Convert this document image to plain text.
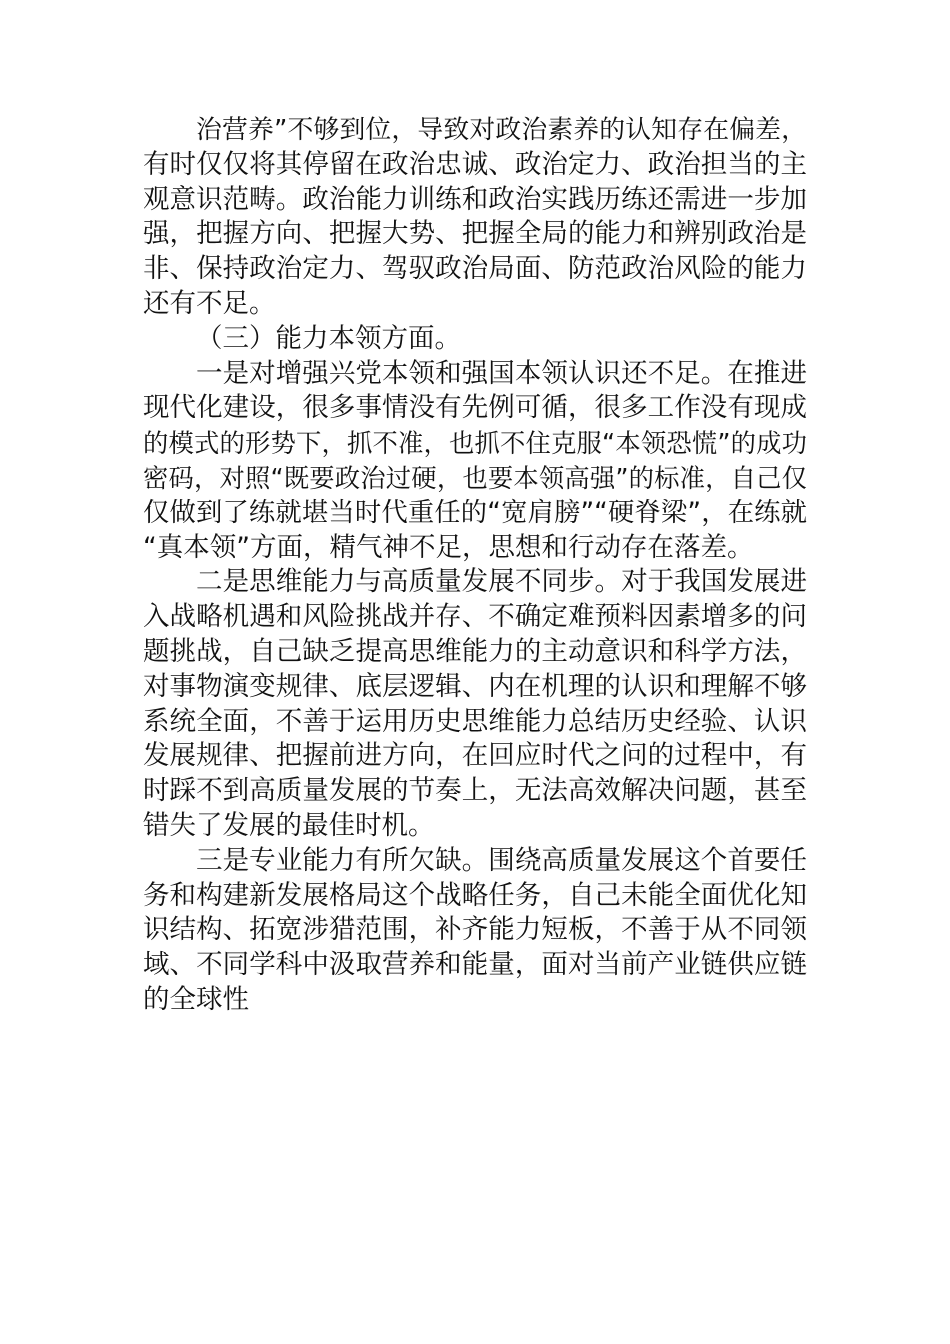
治营养”不够到位，导致对政治素养的认知存在偏差，
有时仅仅将其停留在政治忠诚、政治定力、政治担当的主
观意识范畴。政治能力训练和政治实践历练还需进一步加
强，把握方向、把握大势、把握全局的能力和辨别政治是
非、保持政治定力、驾驭政治局面、防范政治风险的能力
还有不足。
（三）能力本领方面。
一是对增强兴党本领和强国本领认识还不足。在推进
现代化建设，很多事情没有先例可循，很多工作没有现成
的模式的形势下，抓不准，也抓不住克服“本领恐慌”的成功
密码，对照“既要政治过硬，也要本领高强”的标准，自己仅
仅做到了练就堪当时代重任的“宽肩膀”“硬脊梁”，在练就
“真本领”方面，精气神不足，思想和行动存在落差。
二是思维能力与高质量发展不同步。对于我国发展进
入战略机遇和风险挑战并存、不确定难预料因素增多的问
题挑战，自己缺乏提高思维能力的主动意识和科学方法，
对事物演变规律、底层逻辑、内在机理的认识和理解不够
系统全面，不善于运用历史思维能力总结历史经验、认识
发展规律、把握前进方向，在回应时代之问的过程中，有
时踩不到高质量发展的节奏上，无法高效解决问题，甚至
错失了发展的最佳时机。
三是专业能力有所欠缺。围绕高质量发展这个首要任
务和构建新发展格局这个战略任务，自己未能全面优化知
识结构、拓宽涉猎范围，补齐能力短板，不善于从不同领
域、不同学科中汲取营养和能量，面对当前产业链供应链
的全球性
